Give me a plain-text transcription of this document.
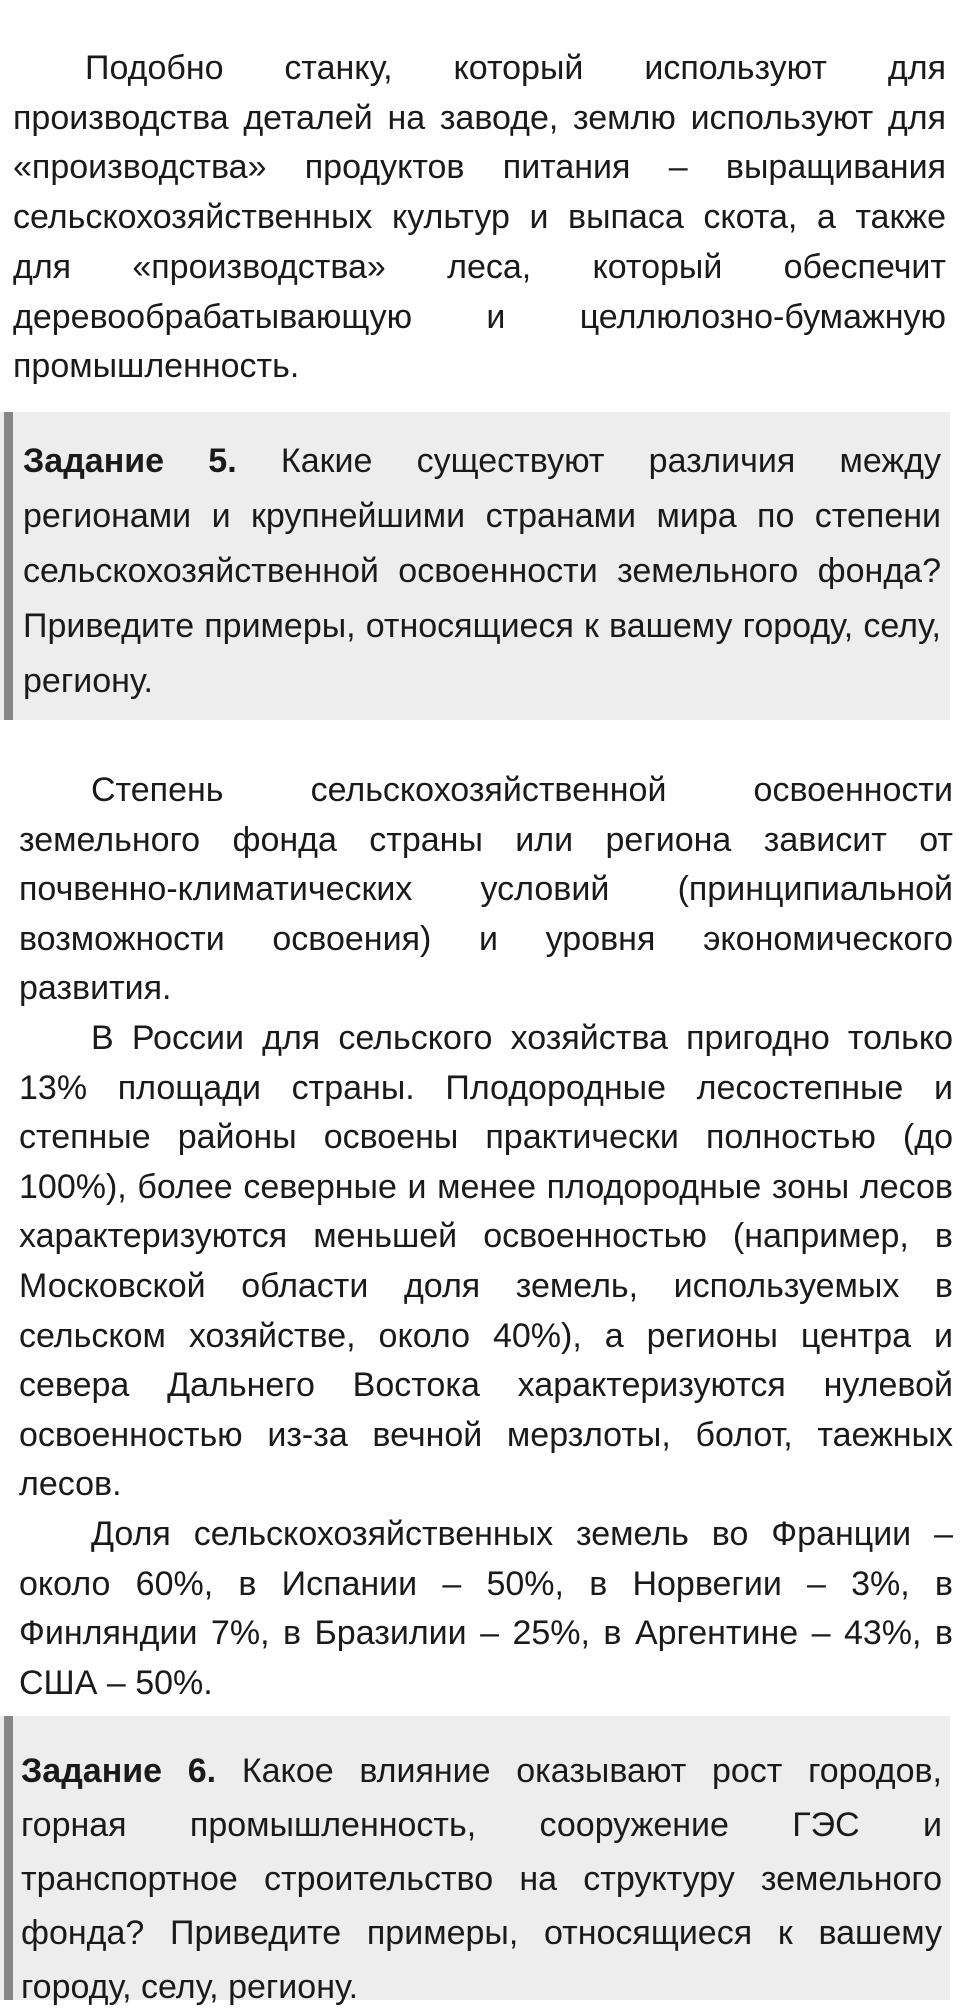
Подобно станку, который используют для производства деталей на заводе, землю используют для «производства» продуктов питания – выращивания сельскохозяйственных культур и выпаса скота, а также для «производства» леса, который обеспечит деревообрабатывающую и целлюлозно-бумажную промышленность.

Задание 5. Какие существуют различия между регионами и крупнейшими странами мира по степени сельскохозяйственной освоенности земельного фонда? Приведите примеры, относящиеся к вашему городу, селу, региону.

Степень сельскохозяйственной освоенности земельного фонда страны или региона зависит от почвенно-климатических условий (принципиальной возможности освоения) и уровня экономического развития.

В России для сельского хозяйства пригодно только 13% площади страны. Плодородные лесостепные и степные районы освоены практически полностью (до 100%), более северные и менее плодородные зоны лесов характеризуются меньшей освоенностью (например, в Московской области доля земель, используемых в сельском хозяйстве, около 40%), а регионы центра и севера Дальнего Востока характеризуются нулевой освоенностью из-за вечной мерзлоты, болот, таежных лесов.

Доля сельскохозяйственных земель во Франции – около 60%, в Испании – 50%, в Норвегии – 3%, в Финляндии 7%, в Бразилии – 25%, в Аргентине – 43%, в США – 50%.

Задание 6. Какое влияние оказывают рост городов, горная промышленность, сооружение ГЭС и транспортное строительство на структуру земельного фонда? Приведите примеры, относящиеся к вашему городу, селу, региону.
